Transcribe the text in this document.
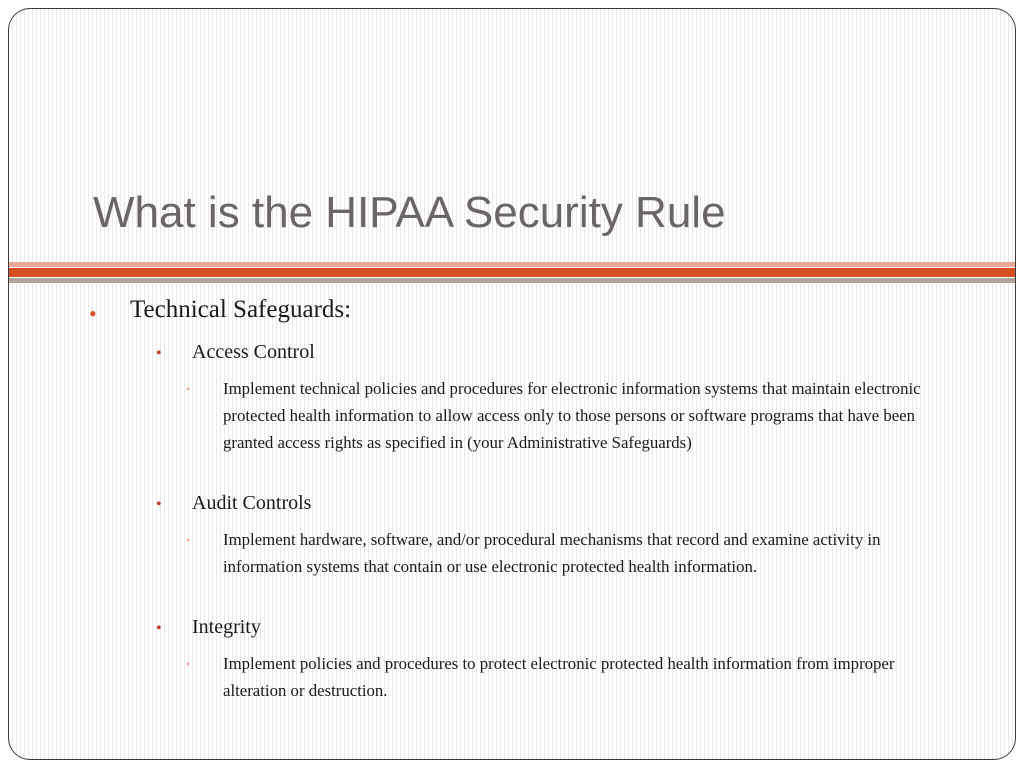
What is the HIPAA Security Rule
• Technical Safeguards:

• Access Control

• Implement technical policies and procedures for electronic information systems that maintain electronic protected health information to allow access only to those persons or software programs that have been granted access rights as specified in (your Administrative Safeguards)

• Audit Controls

• Implement hardware, software, and/or procedural mechanisms that record and examine activity in information systems that contain or use electronic protected health information.

• Integrity

• Implement policies and procedures to protect electronic protected health information from improper alteration or destruction.
